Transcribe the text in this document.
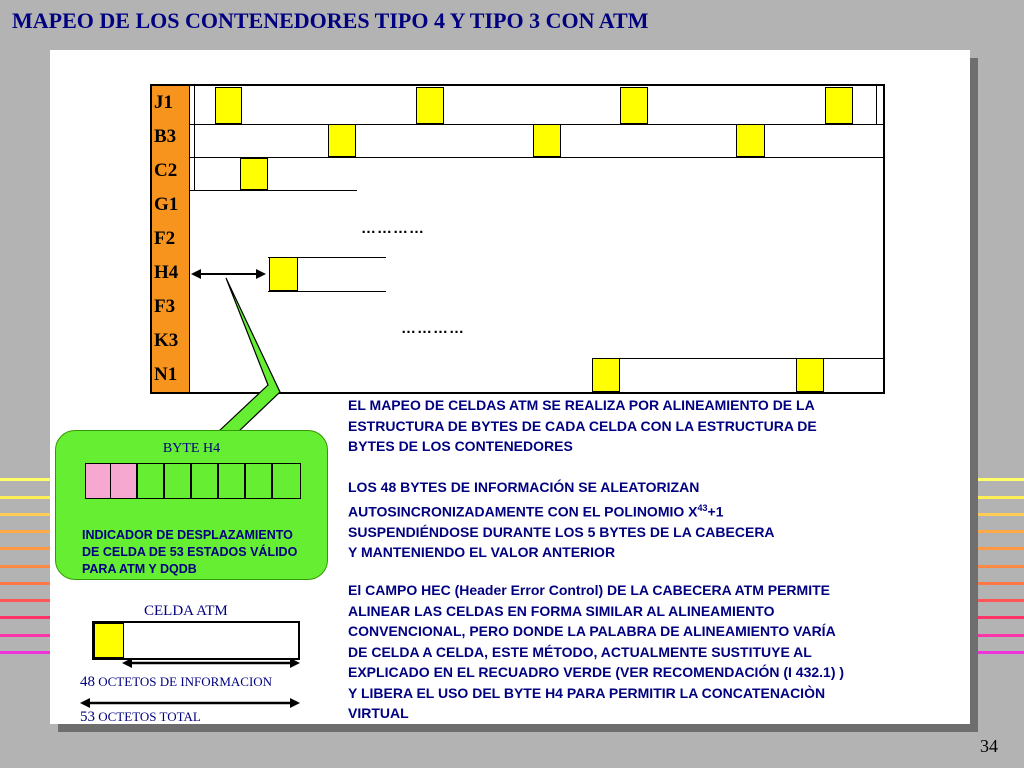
MAPEO DE LOS CONTENEDORES TIPO 4 Y TIPO 3 CON ATM
J1
B3
C2
G1
F2
H4
F3
K3
N1
…………
…………
BYTE H4
INDICADOR DE DESPLAZAMIENTO
DE CELDA DE 53 ESTADOS VÁLIDO
PARA ATM Y DQDB
CELDA ATM
48 OCTETOS DE INFORMACION
53 OCTETOS TOTAL
EL MAPEO DE CELDAS ATM SE REALIZA POR ALINEAMIENTO DE LA
ESTRUCTURA DE BYTES DE CADA CELDA CON LA ESTRUCTURA DE
BYTES DE LOS CONTENEDORES
LOS 48 BYTES DE INFORMACIÓN SE ALEATORIZAN
AUTOSINCRONIZADAMENTE CON EL POLINOMIO $X^{43}+1$
SUSPENDIÉNDOSE DURANTE LOS 5 BYTES DE LA CABECERA
Y MANTENIENDO EL VALOR ANTERIOR
El CAMPO HEC (Header Error Control) DE LA CABECERA ATM PERMITE
ALINEAR LAS CELDAS EN FORMA SIMILAR AL ALINEAMIENTO
CONVENCIONAL, PERO DONDE LA PALABRA DE ALINEAMIENTO VARÍA
DE CELDA A CELDA, ESTE MÉTODO, ACTUALMENTE SUSTITUYE AL
EXPLICADO EN EL RECUADRO VERDE (VER RECOMENDACIÓN (I 432.1) )
Y LIBERA EL USO DEL BYTE H4 PARA PERMITIR LA CONCATENACIÒN
VIRTUAL
34
